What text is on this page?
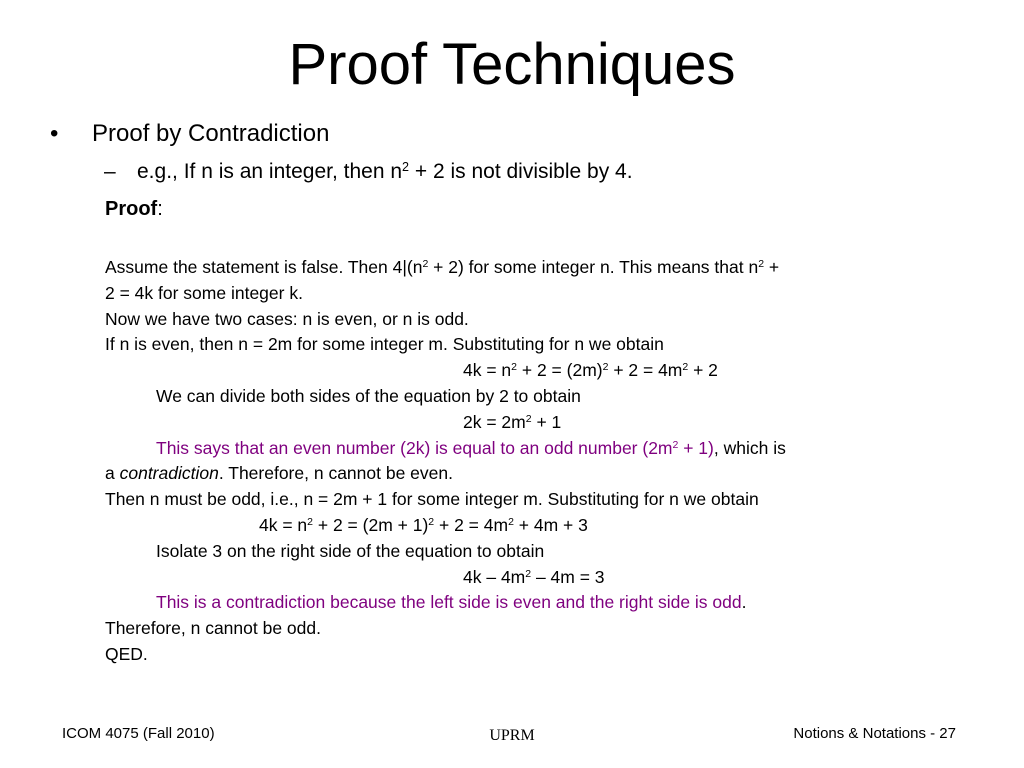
Proof Techniques
• Proof by Contradiction
– e.g., If n is an integer, then $n^2 + 2$ is not divisible by 4.
Proof:
Assume the statement is false. Then $4|(n^2 + 2)$ for some integer n. This means that $n^2$ +
2 = 4k for some integer k.
Now we have two cases: n is even, or n is odd.
If n is even, then n = 2m for some integer m. Substituting for n we obtain
$4k = n^2 + 2 = (2m)^2 + 2 = 4m^2 + 2$
We can divide both sides of the equation by 2 to obtain
$2k = 2m^2 + 1$
This says that an even number (2k) is equal to an odd number $(2m^2 + 1)$, which is
a contradiction. Therefore, n cannot be even.
Then n must be odd, i.e., n = 2m + 1 for some integer m. Substituting for n we obtain
$4k = n^2 + 2 = (2m + 1)^2 + 2 = 4m^2 + 4m + 3$
Isolate 3 on the right side of the equation to obtain
$4k - 4m^2 - 4m = 3$
This is a contradiction because the left side is even and the right side is odd.
Therefore, n cannot be odd.
QED.
ICOM 4075 (Fall 2010)	UPRM	Notions & Notations - 27
